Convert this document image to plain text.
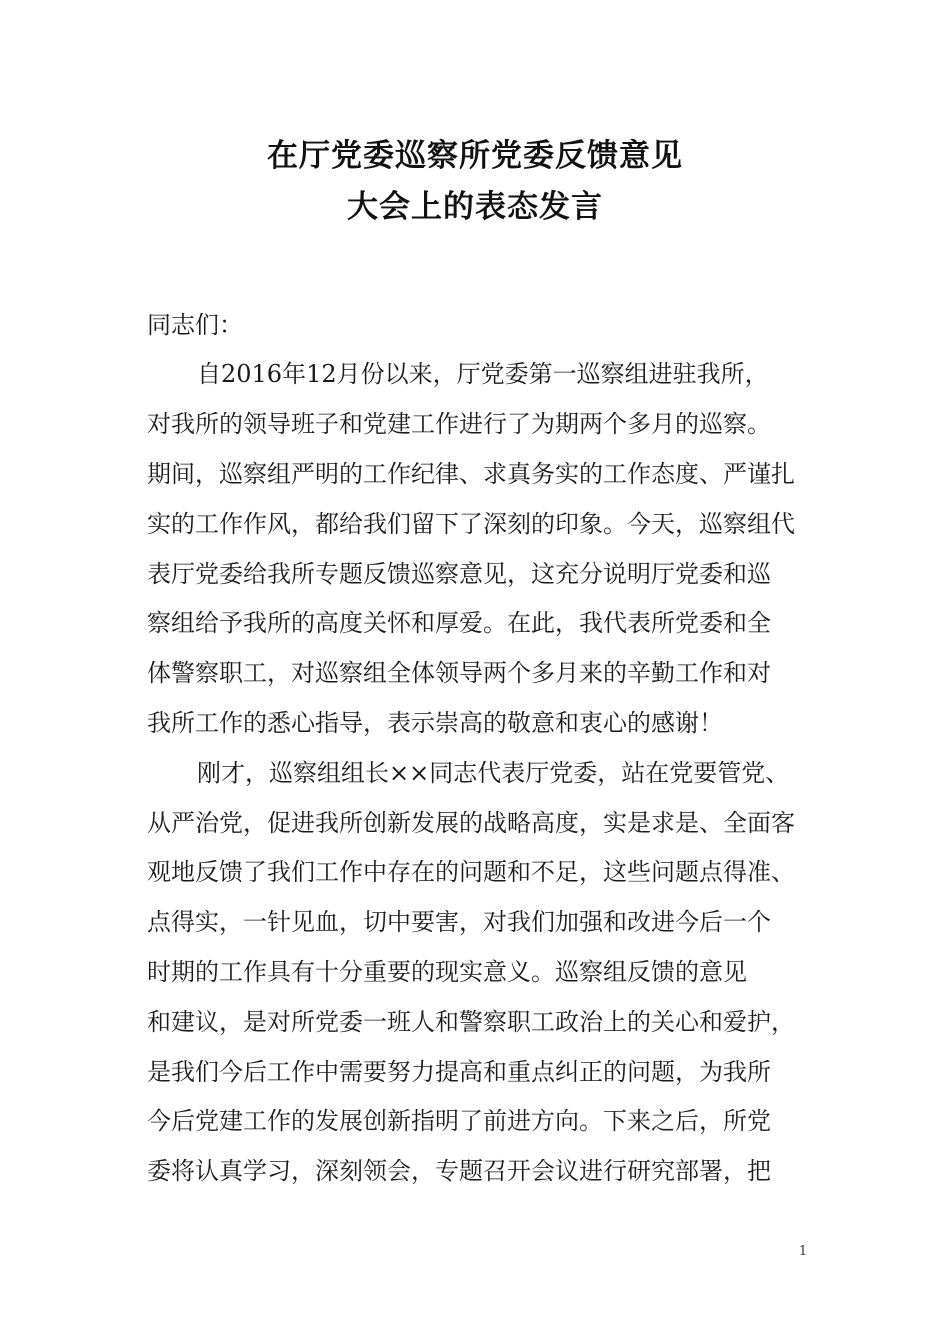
在厅党委巡察所党委反馈意见
大会上的表态发言
同志们：
自2016年12月份以来，厅党委第一巡察组进驻我所，
对我所的领导班子和党建工作进行了为期两个多月的巡察。
期间，巡察组严明的工作纪律、求真务实的工作态度、严谨扎
实的工作作风，都给我们留下了深刻的印象。今天，巡察组代
表厅党委给我所专题反馈巡察意见，这充分说明厅党委和巡
察组给予我所的高度关怀和厚爱。在此，我代表所党委和全
体警察职工，对巡察组全体领导两个多月来的辛勤工作和对
我所工作的悉心指导，表示崇高的敬意和衷心的感谢！
刚才，巡察组组长××同志代表厅党委，站在党要管党、
从严治党，促进我所创新发展的战略高度，实是求是、全面客
观地反馈了我们工作中存在的问题和不足，这些问题点得准、
点得实，一针见血，切中要害，对我们加强和改进今后一个
时期的工作具有十分重要的现实意义。巡察组反馈的意见
和建议，是对所党委一班人和警察职工政治上的关心和爱护，
是我们今后工作中需要努力提高和重点纠正的问题，为我所
今后党建工作的发展创新指明了前进方向。下来之后，所党
委将认真学习，深刻领会，专题召开会议进行研究部署，把
1
